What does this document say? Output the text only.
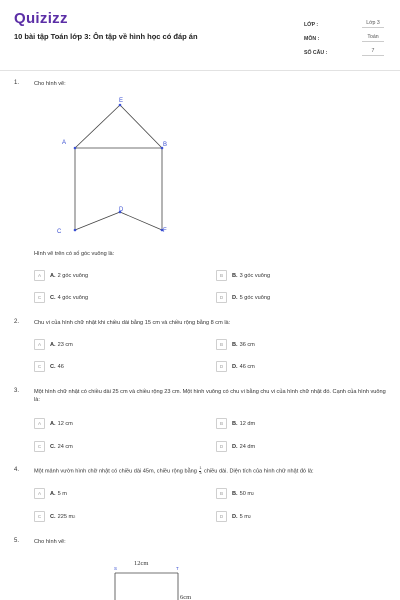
Quizizz
10 bài tập Toán lớp 3: Ôn tập về hình học có đáp án
LỚP :	Lớp 3
MÔN :	Toán
SỐ CÂU :	7
1.	Cho hình vẽ:
E
A	B
D
C	F
Hình vẽ trên có số góc vuông là:
A	A. 2 góc vuông	B	B. 3 góc vuông
C	C. 4 góc vuông	D	D. 5 góc vuông
2.	Chu vi của hình chữ nhật khi chiều dài bằng 15 cm và chiều rộng bằng 8 cm là:
A	A. 23 cm	B	B. 36 cm
C	C. 46	D	D. 46 cm
3.	Một hình chữ nhật có chiều dài 25 cm và chiều rộng 23 cm. Một hình vuông có chu vi bằng chu vi của hình chữ nhật đó. Cạnh của hình vuông là:
A	A. 12 cm	B	B. 12 dm
C	C. 24 cm	D	D. 24 dm
4.	Một mảnh vườn hình chữ nhật có chiều dài 45m, chiều rộng bằng $\frac{1}{3}$ chiều dài. Diện tích của hình chữ nhật đó là:
A	A. 5 m	B	B. 50 m 2
C	C. 225 m 2	D	D. 5 m 2
5.	Cho hình vẽ:
12cm
S	T
6cm
